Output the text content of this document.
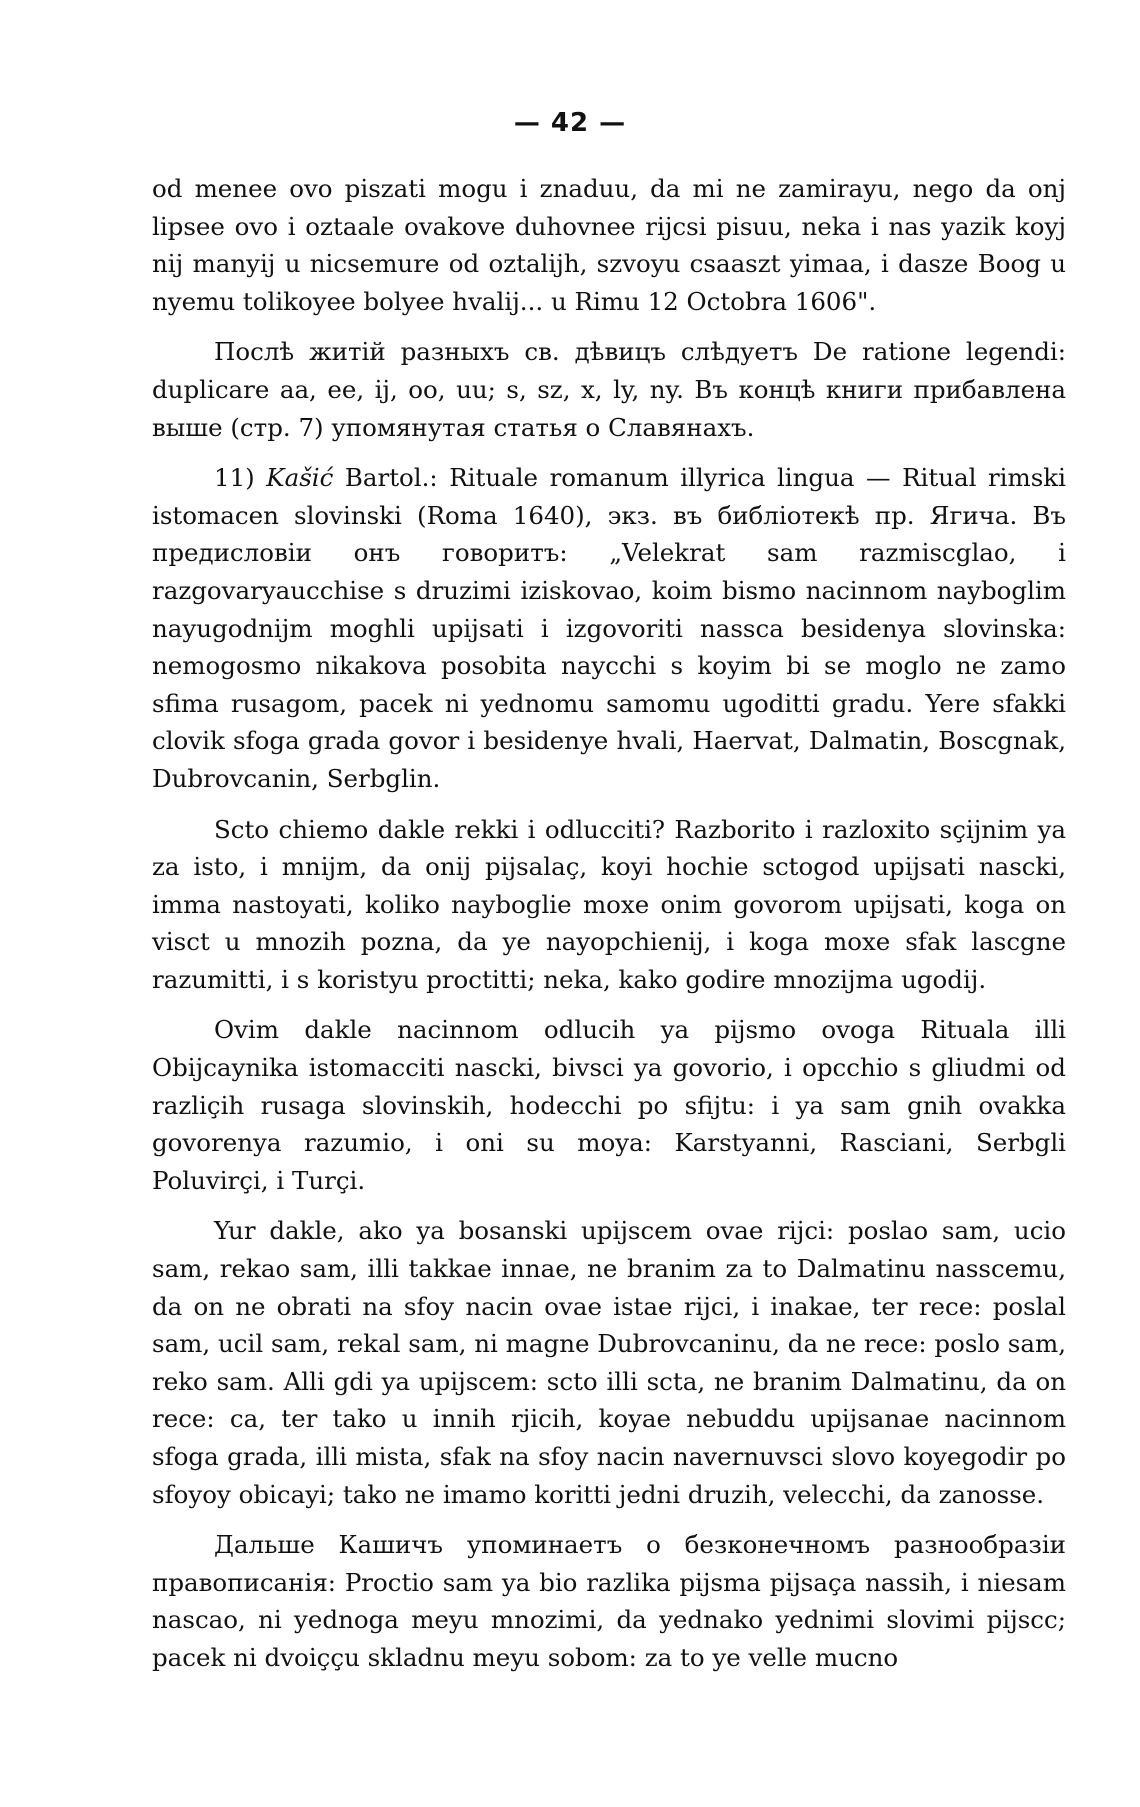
— 42 —

od menee ovo piszati mogu i znaduu, da mi ne zamirayu, nego da onj lipsee ovo i oztaale ovakove duhovnee rijcsi pisuu, neka i nas yazik koyj nij manyij u nicsemure od oztalijh, szvoyu csaaszt yimaa, i dasze Boog u nyemu tolikoyee bolyee hvalij... u Rimu 12 Octobra 1606".

Послѣ житій разныхъ св. дѣвицъ слѣдуетъ De ratione legendi: duplicare aa, ee, ij, oo, uu; s, sz, x, ly, ny. Въ концѣ книги прибавлена выше (стр. 7) упомянутая статья о Славянахъ.

11) Kašić Bartol.: Rituale romanum illyrica lingua — Ritual rimski istomacen slovinski (Roma 1640), экз. въ библіотекѣ пр. Ягича. Въ предисловіи онъ говоритъ: „Velekrat sam razmiscglao, i razgovaryaucchise s druzimi iziskovao, koim bismo nacinnom nayboglim nayugodnijm moghli upijsati i izgovoriti nassca besidenya slovinska: nemogosmo nikakova posobita naycchi s koyim bi se moglo ne zamo sfima rusagom, pacek ni yednomu samomu ugoditti gradu. Yere sfakki clovik sfoga grada govor i besidenye hvali, Haervat, Dalmatin, Boscgnak, Dubrovcanin, Serbglin.

Scto chiemo dakle rekki i odlucciti? Razborito i razloxito sçijnim ya za isto, i mnijm, da onij pijsalaç, koyi hochie sctogod upijsati nascki, imma nastoyati, koliko nayboglie moxe onim govorom upijsati, koga on visct u mnozih pozna, da ye nayopchienij, i koga moxe sfak lascgne razumitti, i s koristyu proctitti; neka, kako godire mnozijma ugodij.

Ovim dakle nacinnom odlucih ya pijsmo ovoga Rituala illi Obijcaynika istomacciti nascki, bivsci ya govorio, i opcchio s gliudmi od razliçih rusaga slovinskih, hodecchi po sfijtu: i ya sam gnih ovakka govorenya razumio, i oni su moya: Karstyanni, Rasciani, Serbgli Poluvirçi, i Turçi.

Yur dakle, ako ya bosanski upijscem ovae rijci: poslao sam, ucio sam, rekao sam, illi takkae innae, ne branim za to Dalmatinu nasscemu, da on ne obrati na sfoy nacin ovae istae rijci, i inakae, ter rece: poslal sam, ucil sam, rekal sam, ni magne Dubrovcaninu, da ne rece: poslo sam, reko sam. Alli gdi ya upijscem: scto illi scta, ne branim Dalmatinu, da on rece: ca, ter tako u innih rjicih, koyae nebuddu upijsanae nacinnom sfoga grada, illi mista, sfak na sfoy nacin navernuvsci slovo koyegodir po sfoyoy obicayi; tako ne imamo koritti jedni druzih, velecchi, da zanosse.

Дальше Кашичъ упоминаетъ о безконечномъ разнообразіи правописанія: Proctio sam ya bio razlika pijsma pijsaça nassih, i niesam nascao, ni yednoga meyu mnozimi, da yednako yednimi slovimi pijscc; pacek ni dvoiççu skladnu meyu sobom: za to ye velle mucno
